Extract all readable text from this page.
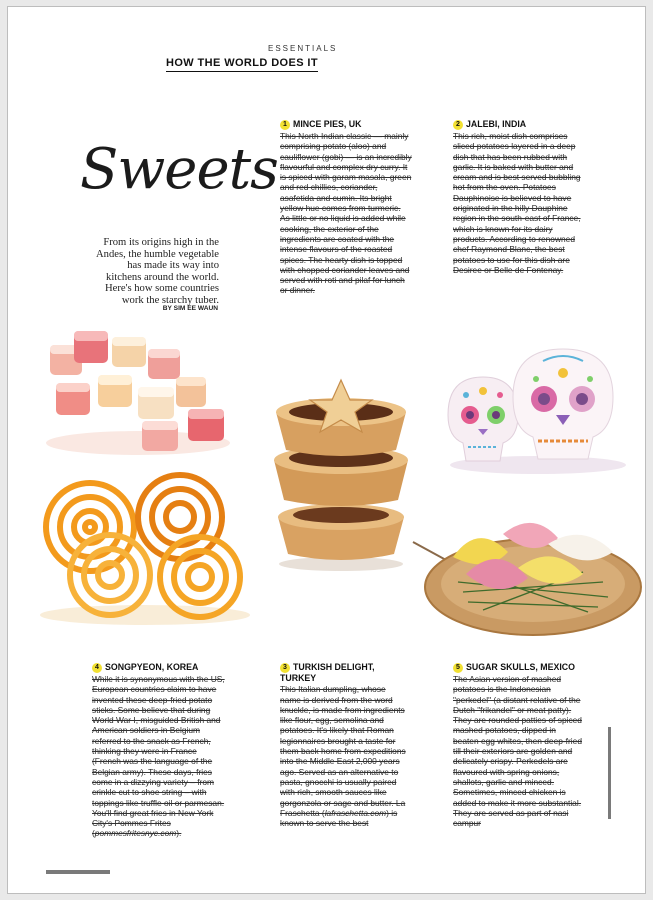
ESSENTIALS
HOW THE WORLD DOES IT
Sweets
From its origins high in the Andes, the humble vegetable has made its way into kitchens around the world. Here's how some countries work the starchy tuber.
BY SIM EE WAUN
1 MINCE PIES, UK
This North Indian classic — mainly comprising potato (aloo) and cauliflower (gobi) — is an incredibly flavourful and complex dry curry. It is spiced with garam masala, green and red chillies, coriander, asafetida and cumin. Its bright yellow hue comes from turmeric. As little or no liquid is added while cooking, the exterior of the ingredients are coated with the intense flavours of the roasted spices. The hearty dish is topped with chopped coriander leaves and served with roti and pilaf for lunch or dinner.
2 JALEBI, INDIA
This rich, moist dish comprises sliced potatoes layered in a deep dish that has been rubbed with garlic. It is baked with butter and cream and is best served bubbling hot from the oven. Potatoes Dauphinoise is believed to have originated in the hilly Dauphine region in the south-east of France, which is known for its dairy products. According to renowned chef Raymond Blanc, the best potatoes to use for this dish are Desiree or Belle de Fontenay.
4 SONGPYEON, KOREA
While it is synonymous with the US, European countries claim to have invented these deep-fried potato sticks. Some believe that during World War I, misguided British and American soldiers in Belgium referred to the snack as French, thinking they were in France (French was the language of the Belgian army). These days, fries come in a dizzying variety – from crinkle cut to shoe string – with toppings like truffle oil or parmesan. You'll find great fries in New York City's Pommes Frites (pommesfritesnyc.com).
3 TURKISH DELIGHT, TURKEY
This Italian dumpling, whose name is derived from the word knuckle, is made from ingredients like flour, egg, semolina and potatoes. It's likely that Roman legionnaires brought a taste for them back home from expeditions into the Middle East 2,000 years ago. Served as an alternative to pasta, gnocchi is usually paired with rich, smooth sauces like gorgonzola or sage and butter. La Fraschetta (lafraschetta.com) is known to serve the best
5 SUGAR SKULLS, MEXICO
The Asian version of mashed potatoes is the Indonesian "perkedel" (a distant relative of the Dutch "frikandel" or meat patty). They are rounded patties of spiced mashed potatoes, dipped in beaten egg whites, then deep-fried till their exteriors are golden and delicately crispy. Perkedels are flavoured with spring onions, shallots, garlic and minced. Sometimes, minced chicken is added to make it more substantial. They are served as part of nasi campur
